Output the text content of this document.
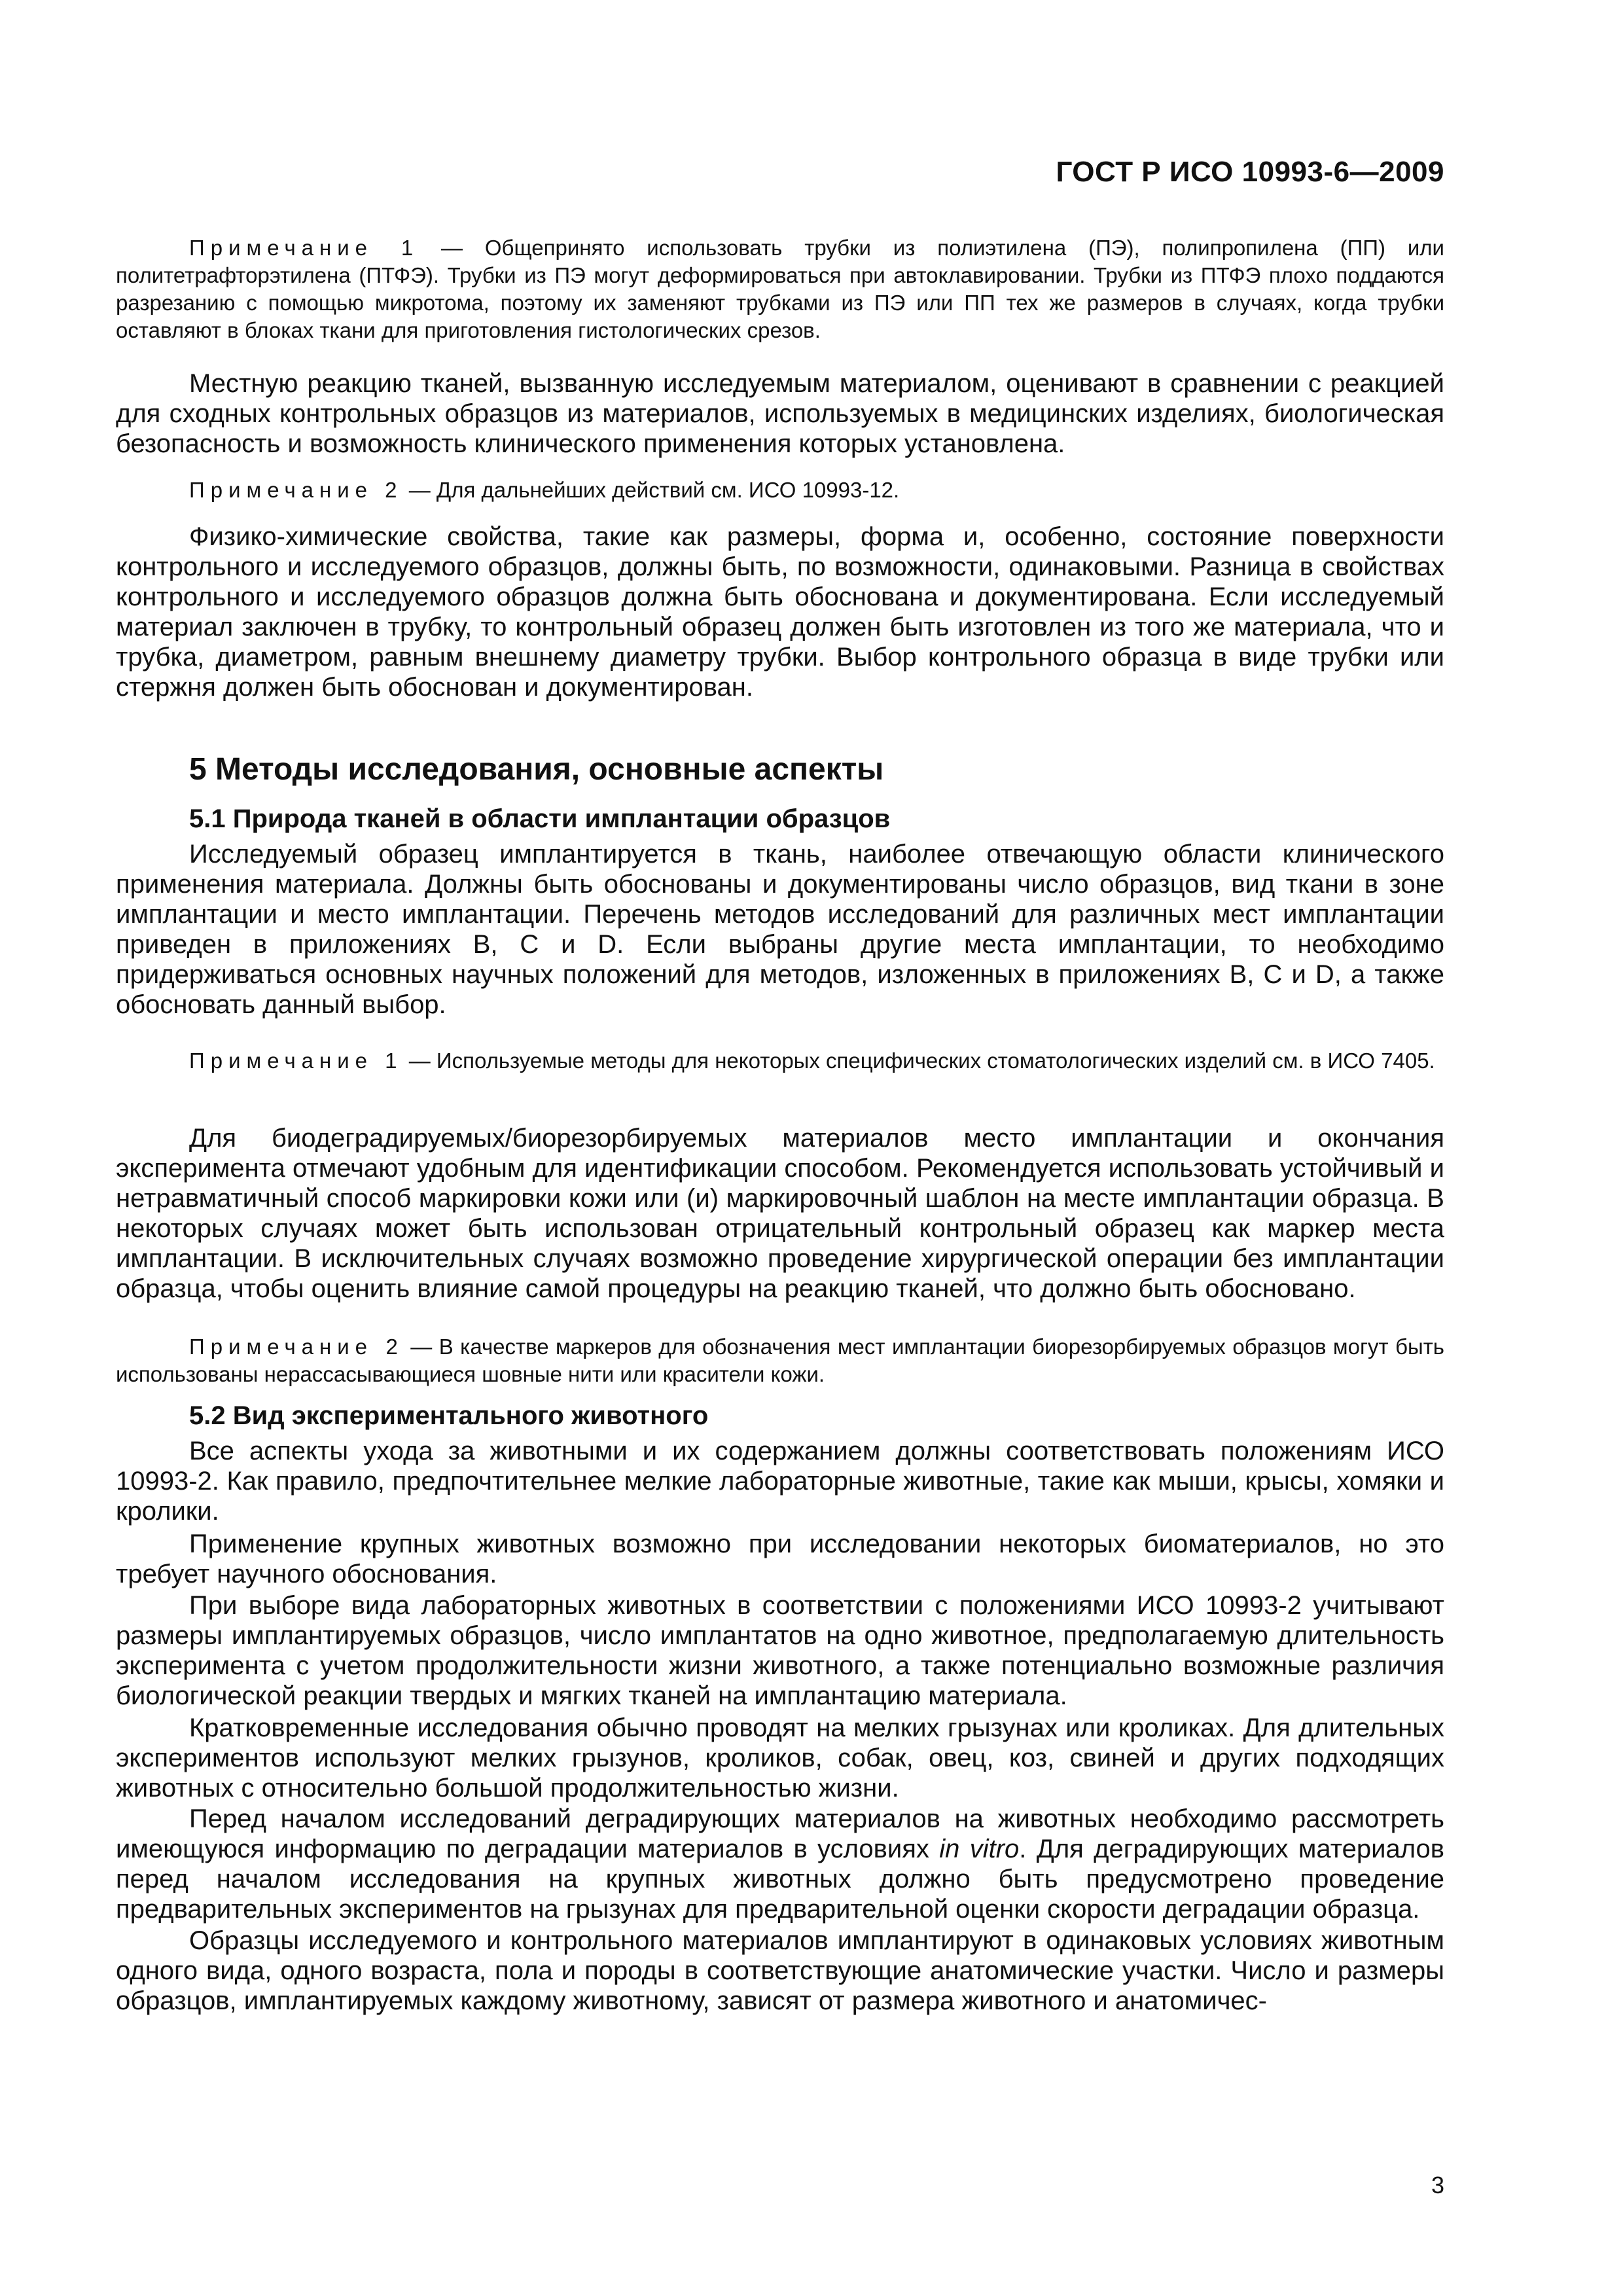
ГОСТ Р ИСО 10993-6—2009

Примечание 1 — Общепринято использовать трубки из полиэтилена (ПЭ), полипропилена (ПП) или политетрафторэтилена (ПТФЭ). Трубки из ПЭ могут деформироваться при автоклавировании. Трубки из ПТФЭ плохо поддаются разрезанию с помощью микротома, поэтому их заменяют трубками из ПЭ или ПП тех же размеров в случаях, когда трубки оставляют в блоках ткани для приготовления гистологических срезов.

Местную реакцию тканей, вызванную исследуемым материалом, оценивают в сравнении с реакцией для сходных контрольных образцов из материалов, используемых в медицинских изделиях, биологическая безопасность и возможность клинического применения которых установлена.

Примечание 2 — Для дальнейших действий см. ИСО 10993-12.

Физико-химические свойства, такие как размеры, форма и, особенно, состояние поверхности контрольного и исследуемого образцов, должны быть, по возможности, одинаковыми. Разница в свойствах контрольного и исследуемого образцов должна быть обоснована и документирована. Если исследуемый материал заключен в трубку, то контрольный образец должен быть изготовлен из того же материала, что и трубка, диаметром, равным внешнему диаметру трубки. Выбор контрольного образца в виде трубки или стержня должен быть обоснован и документирован.

5 Методы исследования, основные аспекты
5.1 Природа тканей в области имплантации образцов

Исследуемый образец имплантируется в ткань, наиболее отвечающую области клинического применения материала. Должны быть обоснованы и документированы число образцов, вид ткани в зоне имплантации и место имплантации. Перечень методов исследований для различных мест имплантации приведен в приложениях В, С и D. Если выбраны другие места имплантации, то необходимо придерживаться основных научных положений для методов, изложенных в приложениях В, С и D, а также обосновать данный выбор.

Примечание 1 — Используемые методы для некоторых специфических стоматологических изделий см. в ИСО 7405.

Для биодеградируемых/биорезорбируемых материалов место имплантации и окончания эксперимента отмечают удобным для идентификации способом. Рекомендуется использовать устойчивый и нетравматичный способ маркировки кожи или (и) маркировочный шаблон на месте имплантации образца. В некоторых случаях может быть использован отрицательный контрольный образец как маркер места имплантации. В исключительных случаях возможно проведение хирургической операции без имплантации образца, чтобы оценить влияние самой процедуры на реакцию тканей, что должно быть обосновано.

Примечание 2 — В качестве маркеров для обозначения мест имплантации биорезорбируемых образцов могут быть использованы нерассасывающиеся шовные нити или красители кожи.

5.2 Вид экспериментального животного

Все аспекты ухода за животными и их содержанием должны соответствовать положениям ИСО 10993-2. Как правило, предпочтительнее мелкие лабораторные животные, такие как мыши, крысы, хомяки и кролики.

Применение крупных животных возможно при исследовании некоторых биоматериалов, но это требует научного обоснования.

При выборе вида лабораторных животных в соответствии с положениями ИСО 10993-2 учитывают размеры имплантируемых образцов, число имплантатов на одно животное, предполагаемую длительность эксперимента с учетом продолжительности жизни животного, а также потенциально возможные различия биологической реакции твердых и мягких тканей на имплантацию материала.

Кратковременные исследования обычно проводят на мелких грызунах или кроликах. Для длительных экспериментов используют мелких грызунов, кроликов, собак, овец, коз, свиней и других подходящих животных с относительно большой продолжительностью жизни.

Перед началом исследований деградирующих материалов на животных необходимо рассмотреть имеющуюся информацию по деградации материалов в условиях in vitro. Для деградирующих материалов перед началом исследования на крупных животных должно быть предусмотрено проведение предварительных экспериментов на грызунах для предварительной оценки скорости деградации образца.

Образцы исследуемого и контрольного материалов имплантируют в одинаковых условиях животным одного вида, одного возраста, пола и породы в соответствующие анатомические участки. Число и размеры образцов, имплантируемых каждому животному, зависят от размера животного и анатомичес-

3
